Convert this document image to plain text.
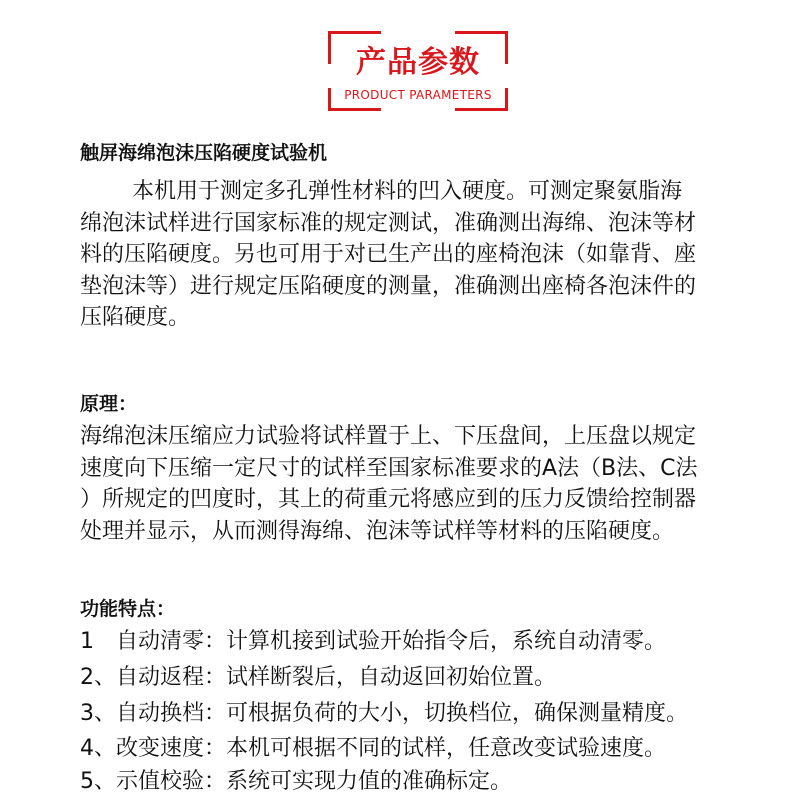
产品参数
PRODUCT PARAMETERS
触屏海绵泡沫压陷硬度试验机
本机用于测定多孔弹性材料的凹入硬度。可测定聚氨脂海
绵泡沫试样进行国家标准的规定测试，准确测出海绵、泡沫等材
料的压陷硬度。另也可用于对已生产出的座椅泡沫（如靠背、座
垫泡沫等）进行规定压陷硬度的测量，准确测出座椅各泡沫件的
压陷硬度。
原理：
海绵泡沫压缩应力试验将试样置于上、下压盘间，上压盘以规定
速度向下压缩一定尺寸的试样至国家标准要求的A法（B法、C法
）所规定的凹度时，其上的荷重元将感应到的压力反馈给控制器
处理并显示，从而测得海绵、泡沫等试样等材料的压陷硬度。
功能特点：
1 自动清零：计算机接到试验开始指令后，系统自动清零。
2、自动返程：试样断裂后，自动返回初始位置。
3、自动换档：可根据负荷的大小，切换档位，确保测量精度。
4、改变速度：本机可根据不同的试样，任意改变试验速度。
5、示值校验：系统可实现力值的准确标定。
